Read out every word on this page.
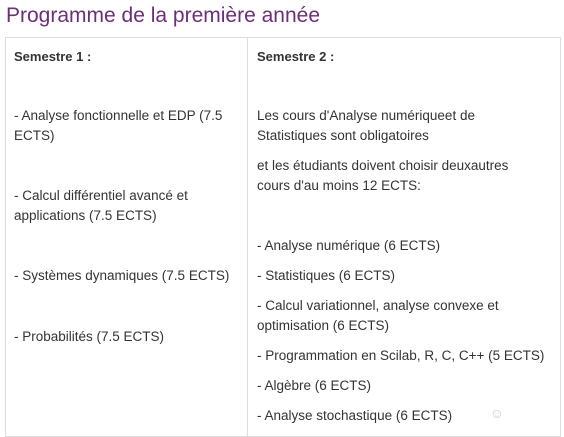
Programme de la première année
Semestre 1 :
- Analyse fonctionnelle et EDP (7.5
ECTS)
- Calcul différentiel avancé et
applications (7.5 ECTS)
- Systèmes dynamiques (7.5 ECTS)
- Probabilités (7.5 ECTS)
Semestre 2 :
Les cours d'Analyse numériqueet de
Statistiques sont obligatoires
et les étudiants doivent choisir deuxautres
cours d'au moins 12 ECTS:
- Analyse numérique (6 ECTS)
- Statistiques (6 ECTS)
- Calcul variationnel, analyse convexe et
optimisation (6 ECTS)
- Programmation en Scilab, R, C, C++ (5 ECTS)
- Algèbre (6 ECTS)
- Analyse stochastique (6 ECTS)
☺
